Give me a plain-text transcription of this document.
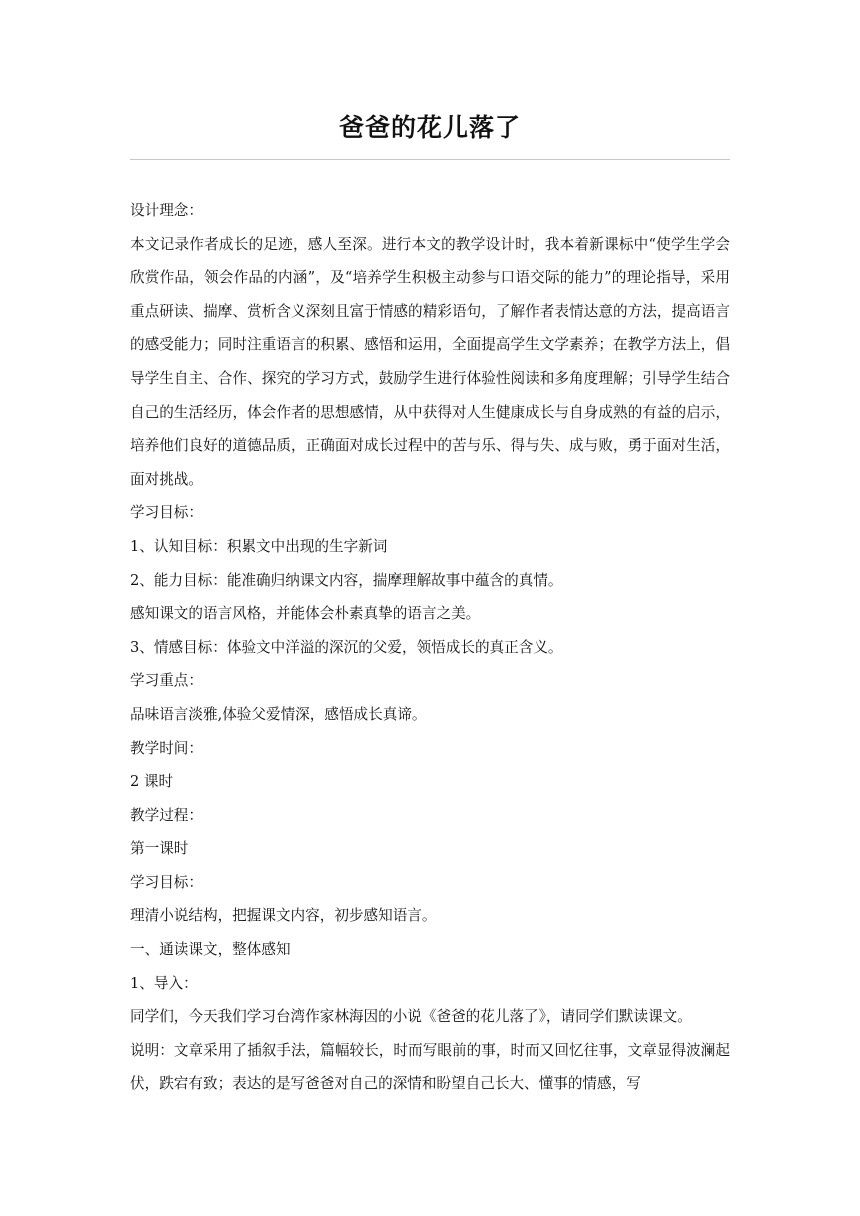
爸爸的花儿落了

设计理念：

本文记录作者成长的足迹，感人至深。进行本文的教学设计时，我本着新课标中“使学生学会欣赏作品，领会作品的内涵”，及“培养学生积极主动参与口语交际的能力”的理论指导，采用重点研读、揣摩、赏析含义深刻且富于情感的精彩语句，了解作者表情达意的方法，提高语言的感受能力；同时注重语言的积累、感悟和运用，全面提高学生文学素养；在教学方法上，倡导学生自主、合作、探究的学习方式，鼓励学生进行体验性阅读和多角度理解；引导学生结合自己的生活经历，体会作者的思想感情，从中获得对人生健康成长与自身成熟的有益的启示，培养他们良好的道德品质，正确面对成长过程中的苦与乐、得与失、成与败，勇于面对生活，面对挑战。

学习目标：

1、认知目标：积累文中出现的生字新词

2、能力目标：能准确归纳课文内容，揣摩理解故事中蕴含的真情。

感知课文的语言风格，并能体会朴素真挚的语言之美。

3、情感目标：体验文中洋溢的深沉的父爱，领悟成长的真正含义。

学习重点：

品味语言淡雅,体验父爱情深，感悟成长真谛。

教学时间：

2 课时

教学过程：

第一课时

学习目标：

理清小说结构，把握课文内容，初步感知语言。

一、通读课文，整体感知

1、导入：

同学们，今天我们学习台湾作家林海因的小说《爸爸的花儿落了》，请同学们默读课文。

说明：文章采用了插叙手法，篇幅较长，时而写眼前的事，时而又回忆往事，文章显得波澜起伏，跌宕有致；表达的是写爸爸对自己的深情和盼望自己长大、懂事的情感，写
